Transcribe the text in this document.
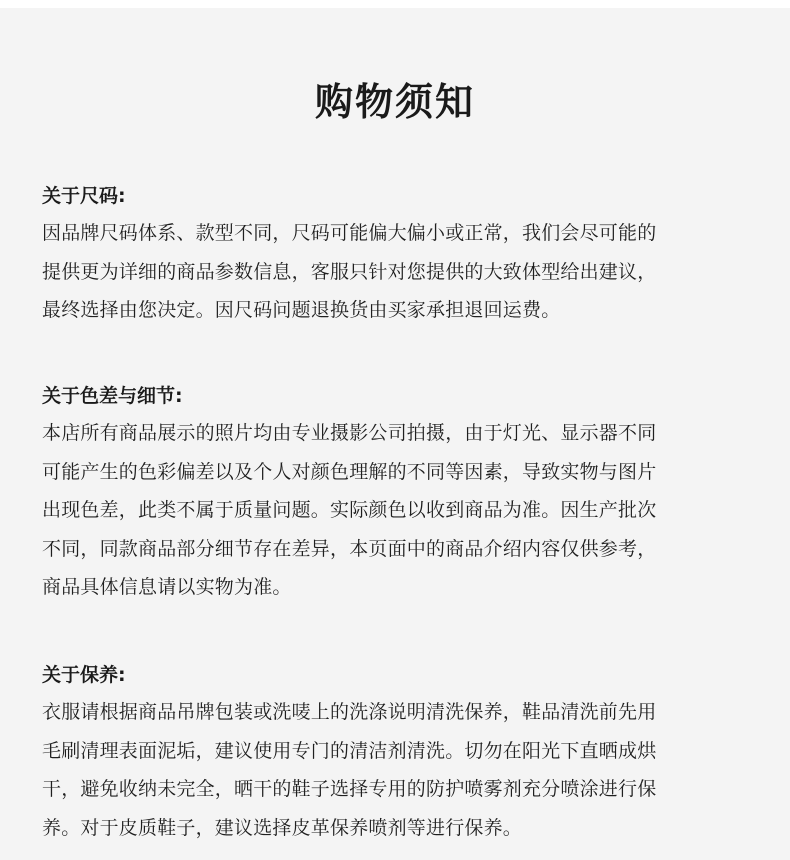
购物须知
关于尺码:
因品牌尺码体系、款型不同，尺码可能偏大偏小或正常，我们会尽可能的
提供更为详细的商品参数信息，客服只针对您提供的大致体型给出建议，
最终选择由您决定。因尺码问题退换货由买家承担退回运费。
关于色差与细节:
本店所有商品展示的照片均由专业摄影公司拍摄，由于灯光、显示器不同
可能产生的色彩偏差以及个人对颜色理解的不同等因素，导致实物与图片
出现色差，此类不属于质量问题。实际颜色以收到商品为准。因生产批次
不同，同款商品部分细节存在差异，本页面中的商品介绍内容仅供参考，
商品具体信息请以实物为准。
关于保养:
衣服请根据商品吊牌包装或洗唛上的洗涤说明清洗保养，鞋品清洗前先用
毛刷清理表面泥垢，建议使用专门的清洁剂清洗。切勿在阳光下直晒成烘
干，避免收纳未完全，晒干的鞋子选择专用的防护喷雾剂充分喷涂进行保
养。对于皮质鞋子，建议选择皮革保养喷剂等进行保养。
